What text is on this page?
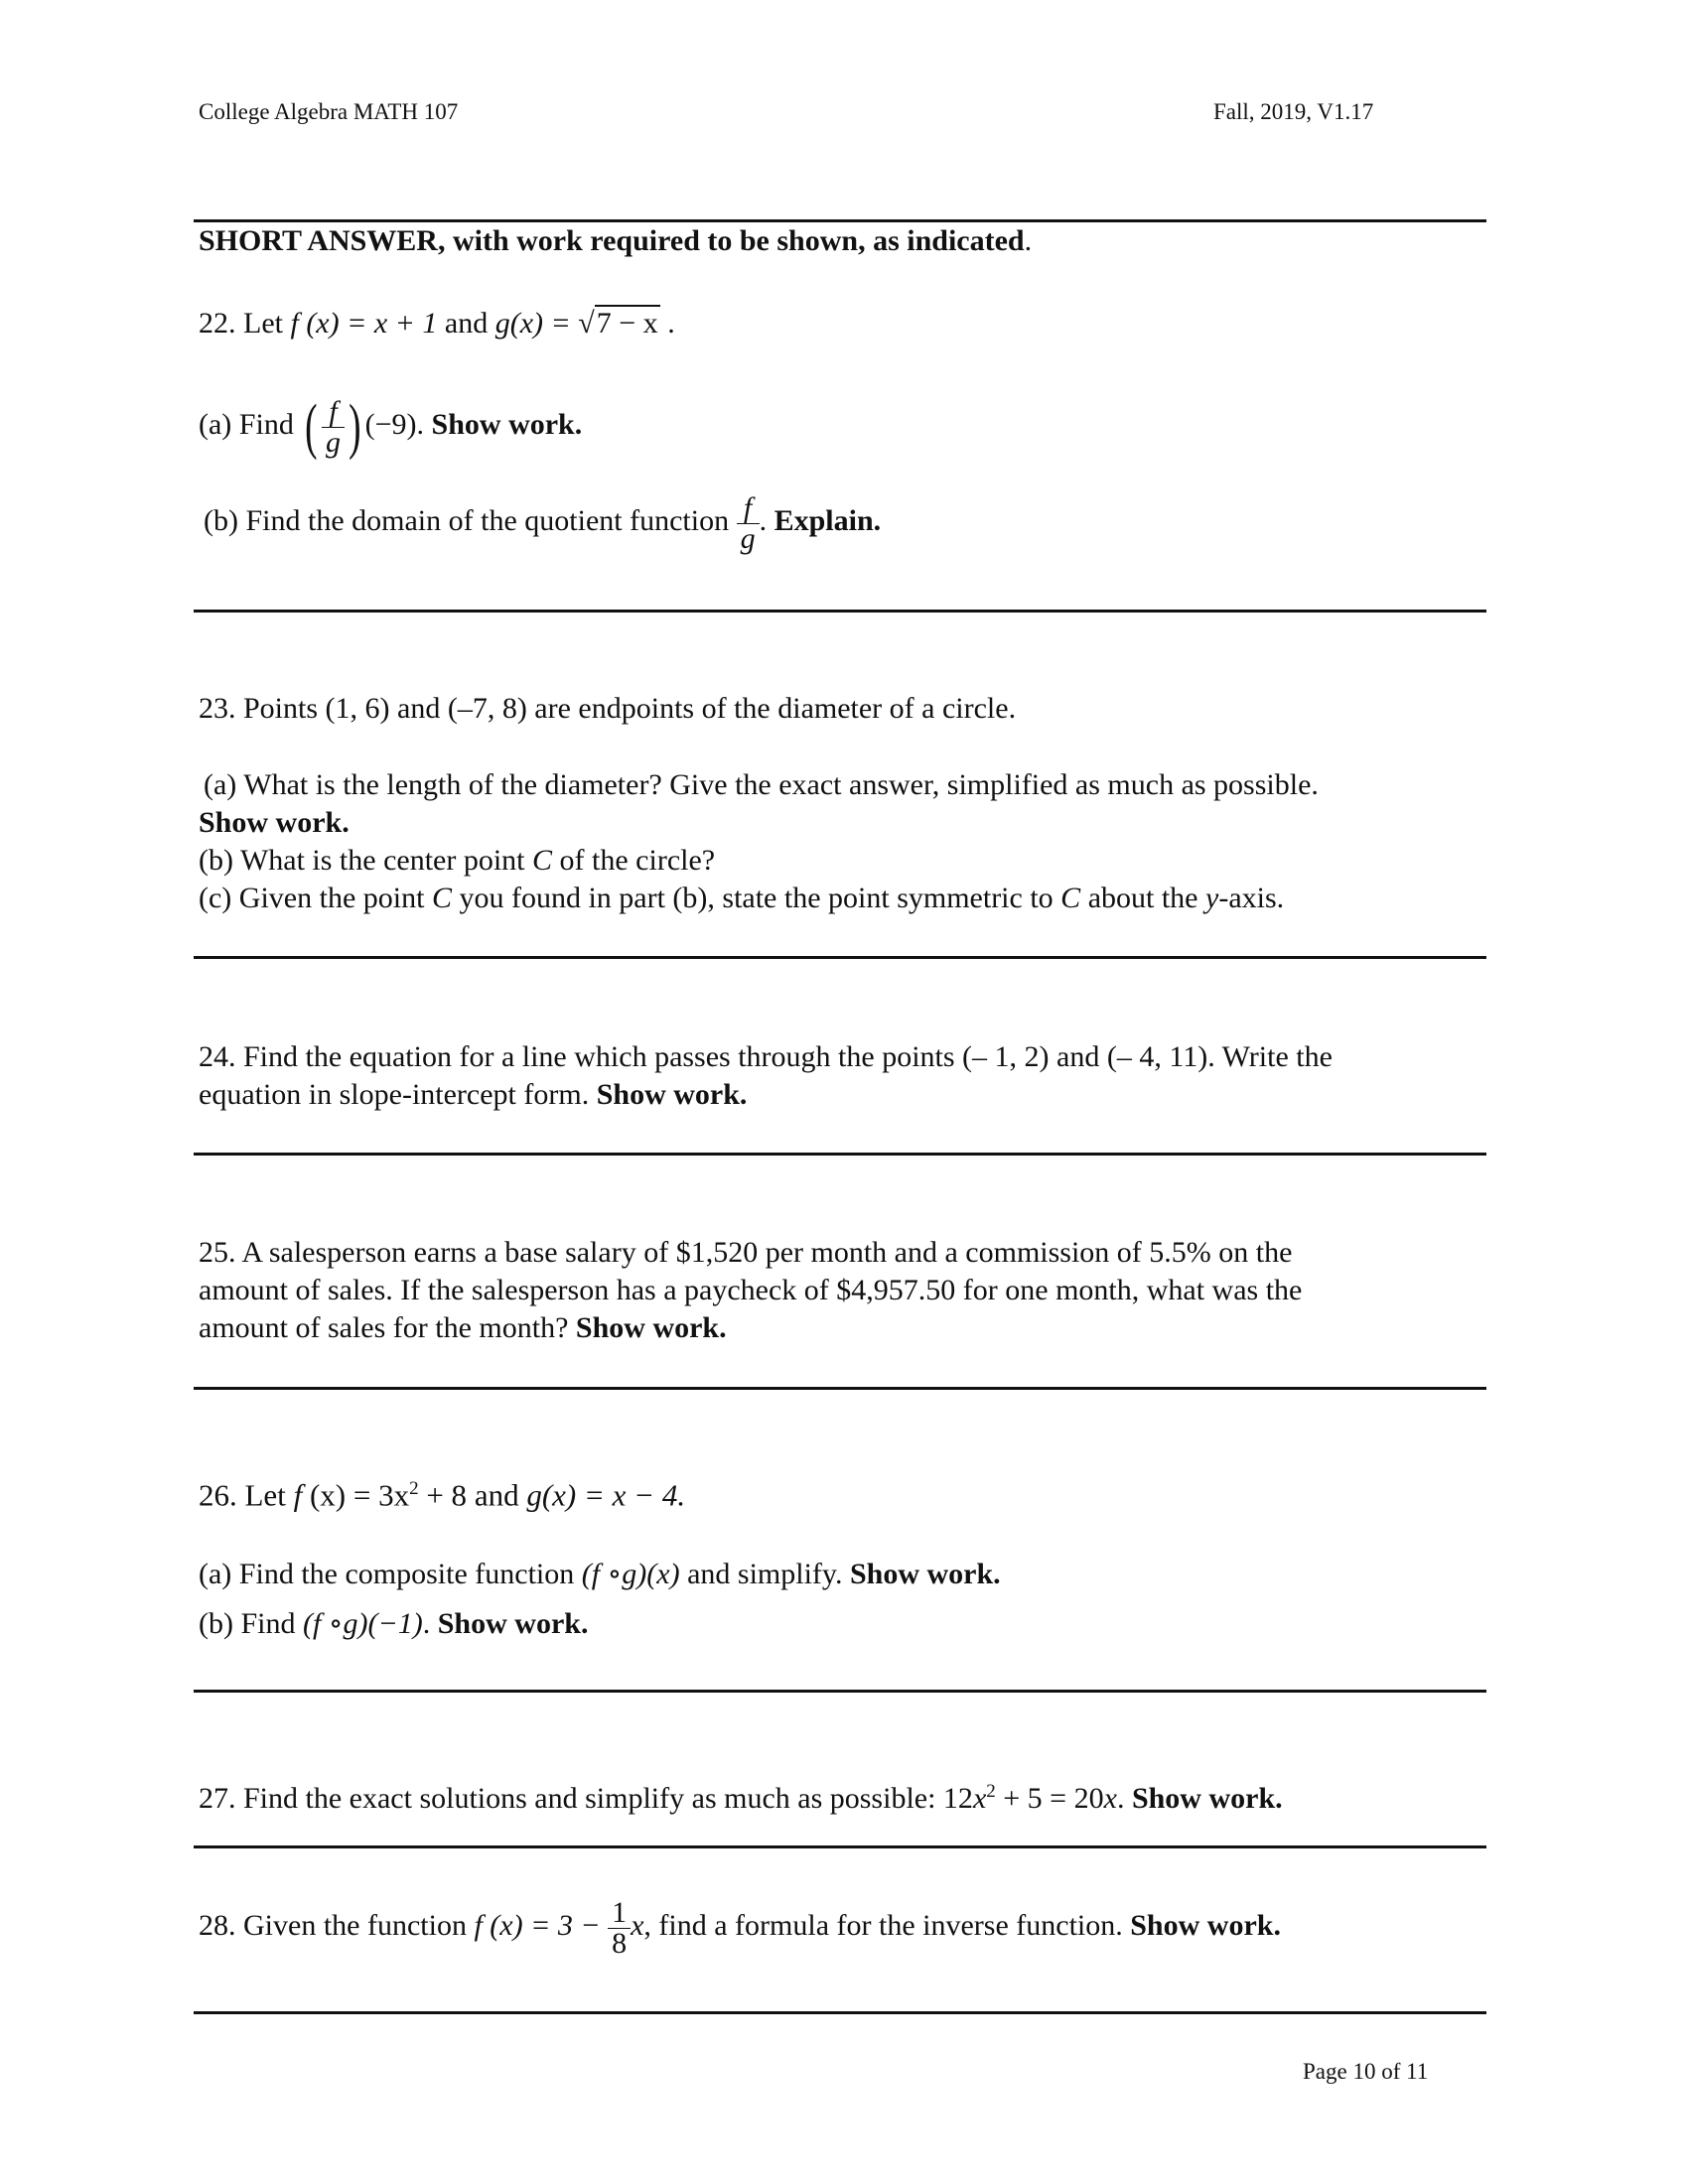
College Algebra MATH 107	Fall, 2019, V1.17
SHORT ANSWER, with work required to be shown, as indicated.
22. Let f (x) = x + 1 and g(x) = √7 − x .
(a) Find ( $\frac{f}{g}$ ) (−9). Show work.
(b) Find the domain of the quotient function $\frac{f}{g}$ . Explain.
23. Points (1, 6) and (–7, 8) are endpoints of the diameter of a circle.
(a) What is the length of the diameter? Give the exact answer, simplified as much as possible.
Show work.
(b) What is the center point C of the circle?
(c) Given the point C you found in part (b), state the point symmetric to C about the y-axis.
24. Find the equation for a line which passes through the points (– 1, 2) and (– 4, 11). Write the
equation in slope-intercept form. Show work.
25. A salesperson earns a base salary of $1,520 per month and a commission of 5.5% on the
amount of sales. If the salesperson has a paycheck of $4,957.50 for one month, what was the
amount of sales for the month? Show work.
26. Let f $(x) = 3x^2 + 8$ and g(x) = x − 4.
(a) Find the composite function (f ∘g)(x) and simplify. Show work.
(b) Find (f ∘g)(−1). Show work.
27. Find the exact solutions and simplify as much as possible: $12x^2 + 5 = 20x$. Show work.
28. Given the function f $(x) = 3 - \frac{1}{8} x$, find a formula for the inverse function. Show work.
Page 10 of 11
